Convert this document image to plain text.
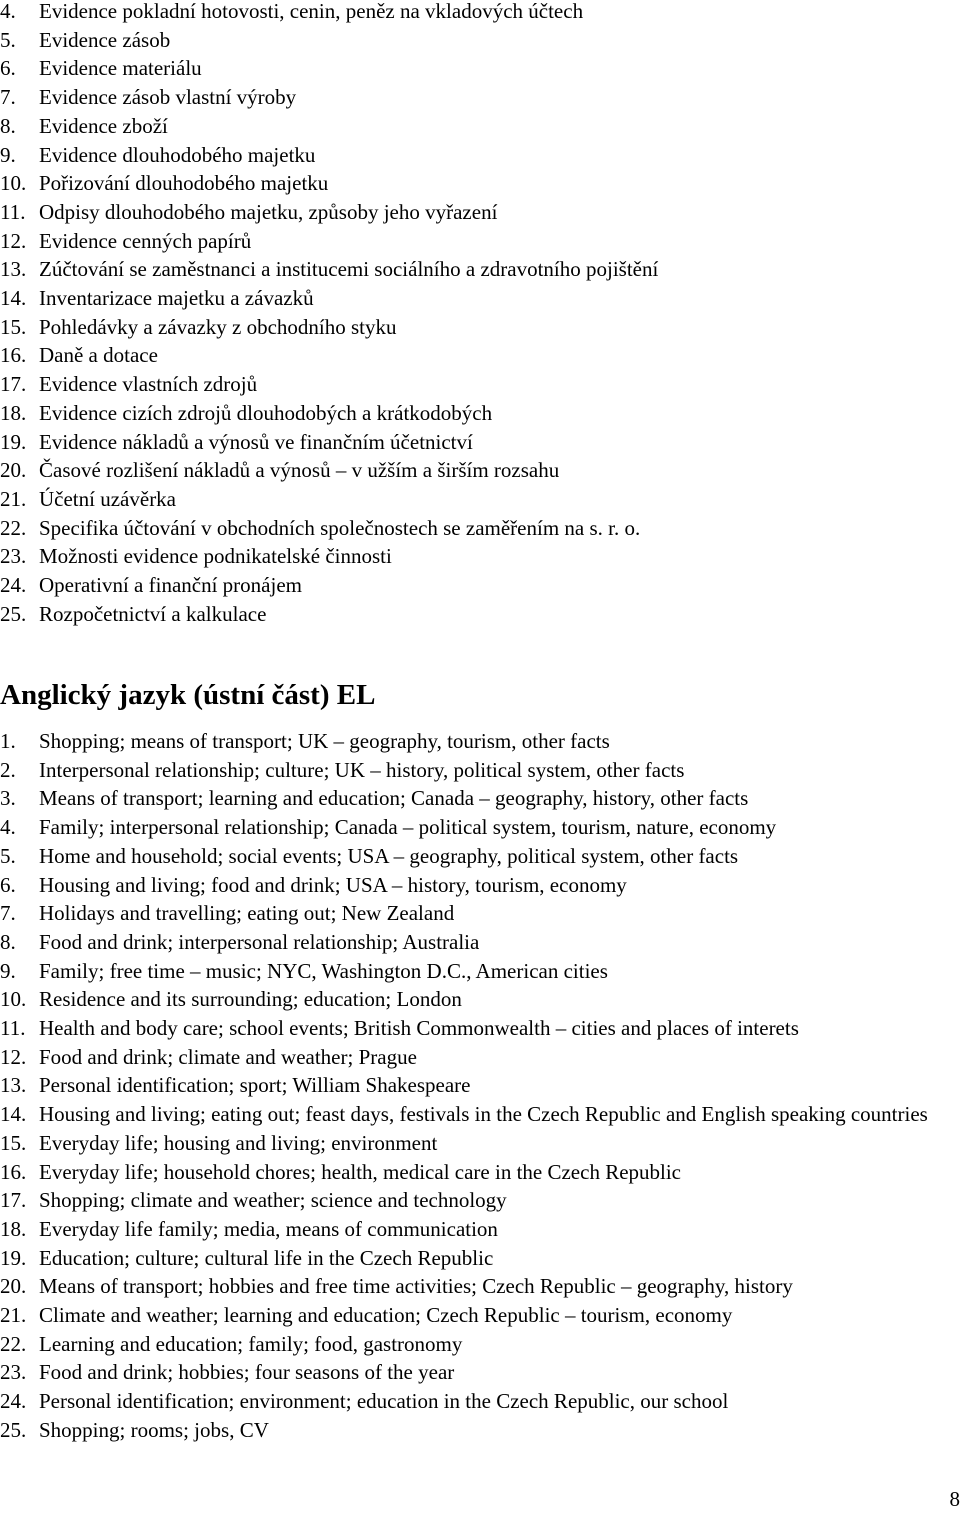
4.	Evidence pokladní hotovosti, cenin, peněz na vkladových účtech
5.	Evidence zásob
6.	Evidence materiálu
7.	Evidence zásob vlastní výroby
8.	Evidence zboží
9.	Evidence dlouhodobého majetku
10. Pořizování dlouhodobého majetku
11. Odpisy dlouhodobého majetku, způsoby jeho vyřazení
12. Evidence cenných papírů
13. Zúčtování se zaměstnanci a institucemi sociálního a zdravotního pojištění
14. Inventarizace majetku a závazků
15. Pohledávky a závazky z obchodního styku
16. Daně a dotace
17. Evidence vlastních zdrojů
18. Evidence cizích zdrojů dlouhodobých a krátkodobých
19. Evidence nákladů a výnosů ve finančním účetnictví
20. Časové rozlišení nákladů a výnosů – v užším a širším rozsahu
21. Účetní uzávěrka
22. Specifika účtování v obchodních společnostech se zaměřením na s. r. o.
23. Možnosti evidence podnikatelské činnosti
24. Operativní a finanční pronájem
25. Rozpočetnictví a kalkulace
Anglický jazyk (ústní část) EL
1.	Shopping; means of transport; UK – geography, tourism, other facts
2.	Interpersonal relationship; culture; UK – history, political system, other facts
3.	Means of transport; learning and education; Canada – geography, history, other facts
4.	Family; interpersonal relationship; Canada – political system, tourism, nature, economy
5.	Home and household; social events; USA – geography, political system, other facts
6.	Housing and living; food and drink; USA – history, tourism, economy
7.	Holidays and travelling; eating out; New Zealand
8.	Food and drink; interpersonal relationship; Australia
9.	Family; free time – music; NYC, Washington D.C., American cities
10. Residence and its surrounding; education; London
11. Health and body care; school events; British Commonwealth – cities and places of interets
12. Food and drink; climate and weather; Prague
13. Personal identification; sport; William Shakespeare
14. Housing and living; eating out; feast days, festivals in the Czech Republic and English speaking countries
15. Everyday life; housing and living; environment
16. Everyday life; household chores; health, medical care in the Czech Republic
17. Shopping; climate and weather; science and technology
18. Everyday life family; media, means of communication
19. Education; culture; cultural life in the Czech Republic
20. Means of transport; hobbies and free time activities; Czech Republic – geography, history
21. Climate and weather; learning and education; Czech Republic – tourism, economy
22. Learning and education; family; food, gastronomy
23. Food and drink; hobbies; four seasons of the year
24. Personal identification; environment; education in the Czech Republic, our school
25. Shopping; rooms; jobs, CV
8
